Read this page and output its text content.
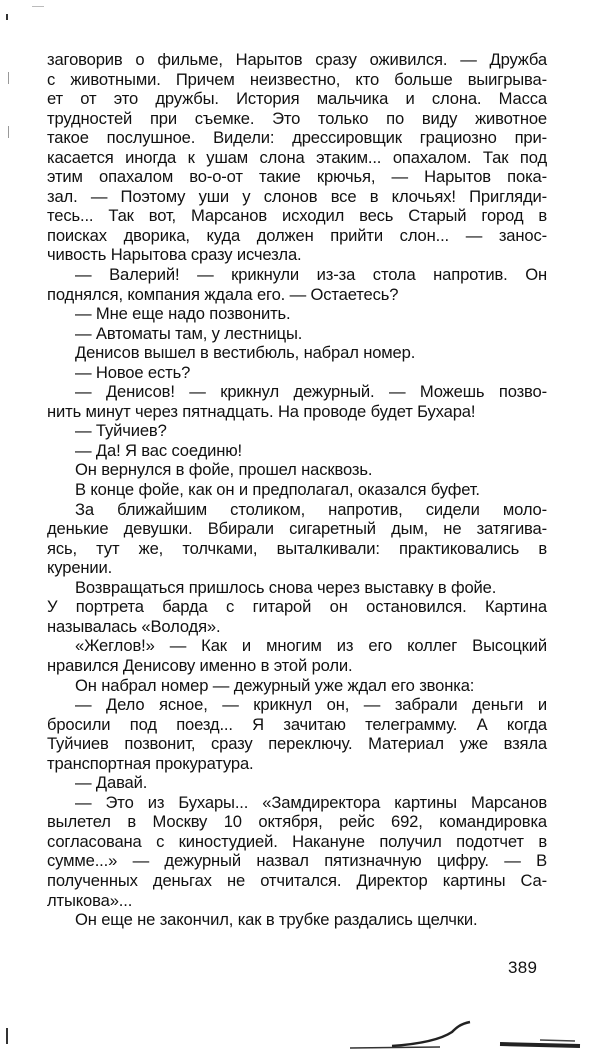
заговорив о фильме, Нарытов сразу оживился. — Дружба
с животными. Причем неизвестно, кто больше выигрыва-
ет от это дружбы. История мальчика и слона. Масса
трудностей при съемке. Это только по виду животное
такое послушное. Видели: дрессировщик грациозно при-
касается иногда к ушам слона этаким... опахалом. Так под
этим опахалом во-о-от такие крючья, — Нарытов пока-
зал. — Поэтому уши у слонов все в клочьях! Пригляди-
тесь... Так вот, Марсанов исходил весь Старый город в
поисках дворика, куда должен прийти слон... — занос-
чивость Нарытова сразу исчезла.
— Валерий! — крикнули из-за стола напротив. Он
поднялся, компания ждала его. — Остаетесь?
— Мне еще надо позвонить.
— Автоматы там, у лестницы.
Денисов вышел в вестибюль, набрал номер.
— Новое есть?
— Денисов! — крикнул дежурный. — Можешь позво-
нить минут через пятнадцать. На проводе будет Бухара!
— Туйчиев?
— Да! Я вас соединю!
Он вернулся в фойе, прошел насквозь.
В конце фойе, как он и предполагал, оказался буфет.
За ближайшим столиком, напротив, сидели моло-
денькие девушки. Вбирали сигаретный дым, не затягива-
ясь, тут же, толчками, выталкивали: практиковались в
курении.
Возвращаться пришлось снова через выставку в фойе.
У портрета барда с гитарой он остановился. Картина
называлась «Володя».
«Жеглов!» — Как и многим из его коллег Высоцкий
нравился Денисову именно в этой роли.
Он набрал номер — дежурный уже ждал его звонка:
— Дело ясное, — крикнул он, — забрали деньги и
бросили под поезд... Я зачитаю телеграмму. А когда
Туйчиев позвонит, сразу переключу. Материал уже взяла
транспортная прокуратура.
— Давай.
— Это из Бухары... «Замдиректора картины Марсанов
вылетел в Москву 10 октября, рейс 692, командировка
согласована с киностудией. Накануне получил подотчет в
сумме...» — дежурный назвал пятизначную цифру. — В
полученных деньгах не отчитался. Директор картины Са-
лтыкова»...
Он еще не закончил, как в трубке раздались щелчки.
389
